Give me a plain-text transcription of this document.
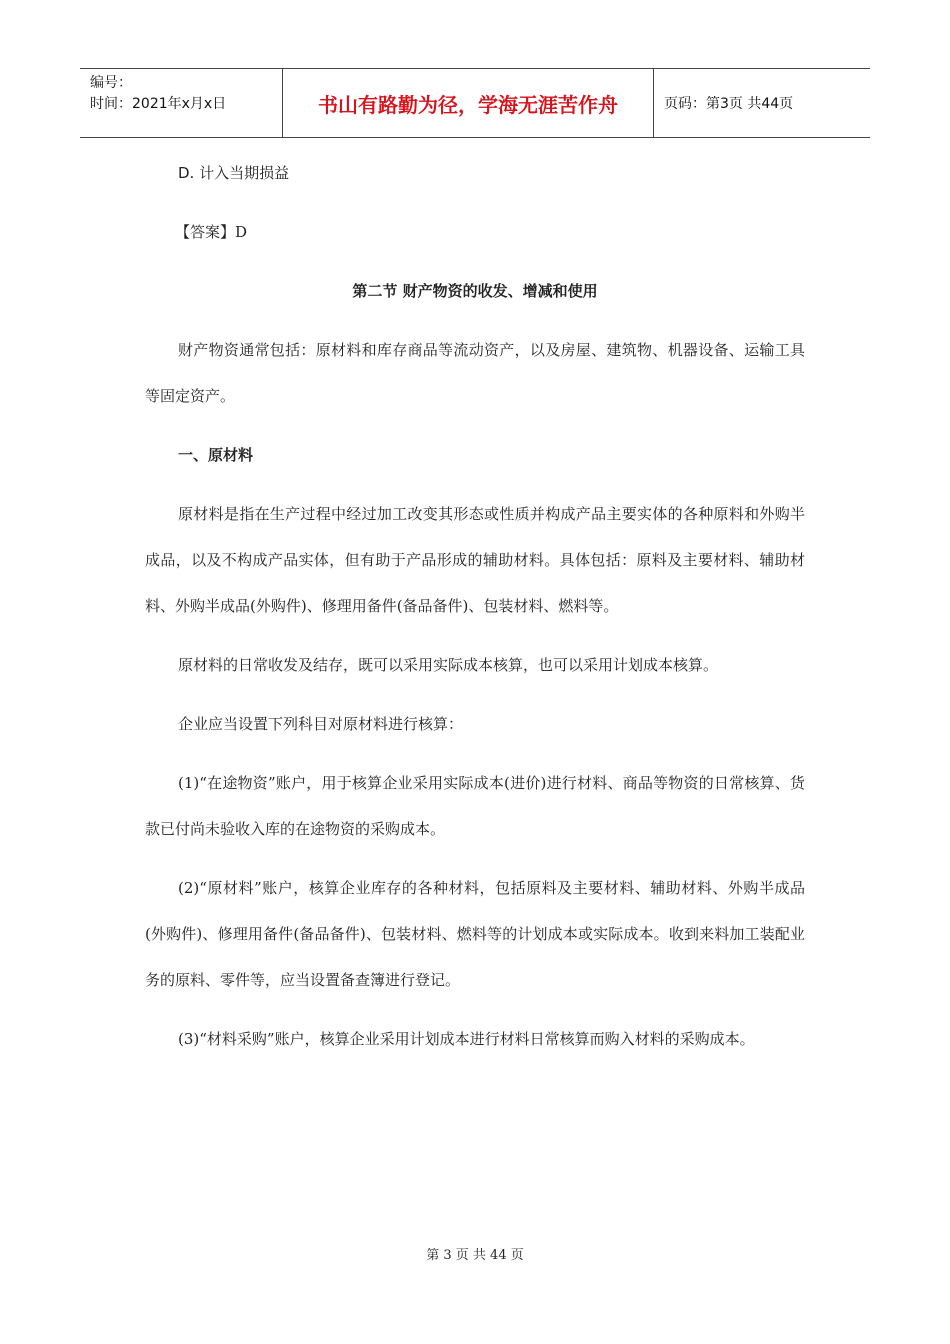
编号：
时间：2021年x月x日	书山有路勤为径，学海无涯苦作舟	页码：第3页 共44页

D. 计入当期损益

【答案】D

第二节 财产物资的收发、增减和使用

财产物资通常包括：原材料和库存商品等流动资产，以及房屋、建筑物、机器设备、运输工具等固定资产。

一、原材料

原材料是指在生产过程中经过加工改变其形态或性质并构成产品主要实体的各种原料和外购半成品，以及不构成产品实体，但有助于产品形成的辅助材料。具体包括：原料及主要材料、辅助材料、外购半成品(外购件)、修理用备件(备品备件)、包装材料、燃料等。

原材料的日常收发及结存，既可以采用实际成本核算，也可以采用计划成本核算。

企业应当设置下列科目对原材料进行核算：

(1)“在途物资”账户，用于核算企业采用实际成本(进价)进行材料、商品等物资的日常核算、货款已付尚未验收入库的在途物资的采购成本。

(2)“原材料”账户，核算企业库存的各种材料，包括原料及主要材料、辅助材料、外购半成品(外购件)、修理用备件(备品备件)、包装材料、燃料等的计划成本或实际成本。收到来料加工装配业务的原料、零件等，应当设置备查簿进行登记。

(3)“材料采购”账户，核算企业采用计划成本进行材料日常核算而购入材料的采购成本。

第 3 页 共 44 页
